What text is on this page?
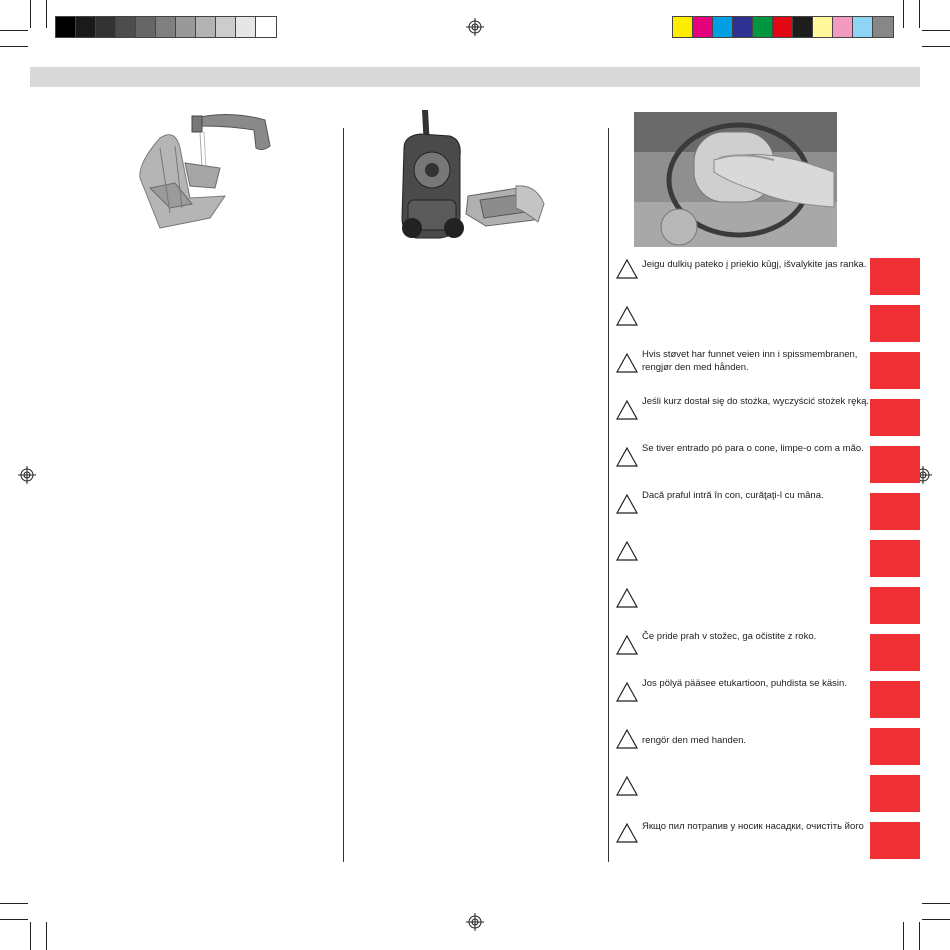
Jeigu dulkių pateko į priekio kūgį, išvalykite jas ranka.
Hvis støvet har funnet veien inn i spissmembranen,
rengjør den med hånden.
Jeśli kurz dostał się do stożka, wyczyścić stożek ręką.
Se tiver entrado pó para o cone, limpe-o com a mão.
Dacă praful intră în con, curăţaţi-l cu mâna.
Če pride prah v stožec, ga očistite z roko.
Jos pölyä pääsee etukartioon, puhdista se käsin.
rengör den med handen.
Якщо пил потрапив у носик насадки, очистіть його
